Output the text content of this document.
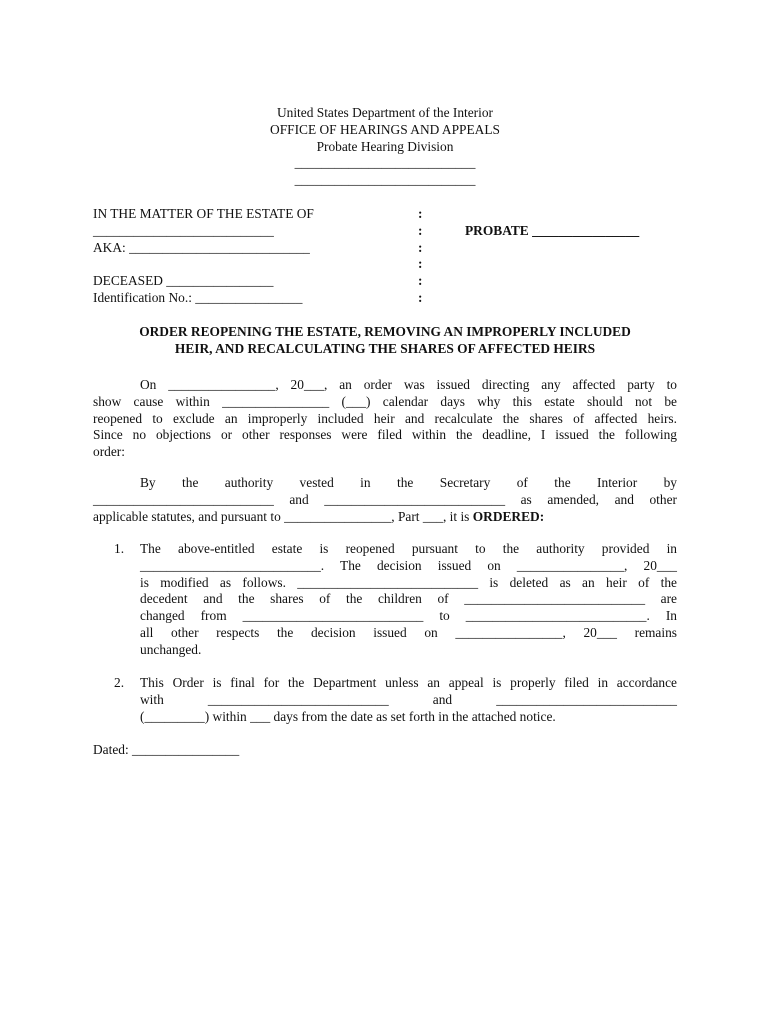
United States Department of the Interior
OFFICE OF HEARINGS AND APPEALS
Probate Hearing Division
___________________________
___________________________
IN THE MATTER OF THE ESTATE OF
___________________________
AKA: ___________________________
DECEASED ________________
Identification No.: ________________
:
:
:
:
:
:
PROBATE ________________
ORDER REOPENING THE ESTATE, REMOVING AN IMPROPERLY INCLUDED
HEIR, AND RECALCULATING THE SHARES OF AFFECTED HEIRS
On ________________, 20___, an order was issued directing any affected party to
show cause within ________________ (___) calendar days why this estate should not be
reopened to exclude an improperly included heir and recalculate the shares of affected heirs.
Since no objections or other responses were filed within the deadline, I issued the following
order:
By the authority vested in the Secretary of the Interior by
___________________________ and ___________________________ as amended, and other
applicable statutes, and pursuant to ________________, Part ___, it is ORDERED:
1. The above-entitled estate is reopened pursuant to the authority provided in
___________________________. The decision issued on ________________, 20___
is modified as follows. ___________________________ is deleted as an heir of the
decedent and the shares of the children of ___________________________ are
changed from ___________________________ to ___________________________. In
all other respects the decision issued on ________________, 20___ remains
unchanged.
2. This Order is final for the Department unless an appeal is properly filed in accordance
with ___________________________ and ___________________________
(_________) within ___ days from the date as set forth in the attached notice.
Dated: ________________
